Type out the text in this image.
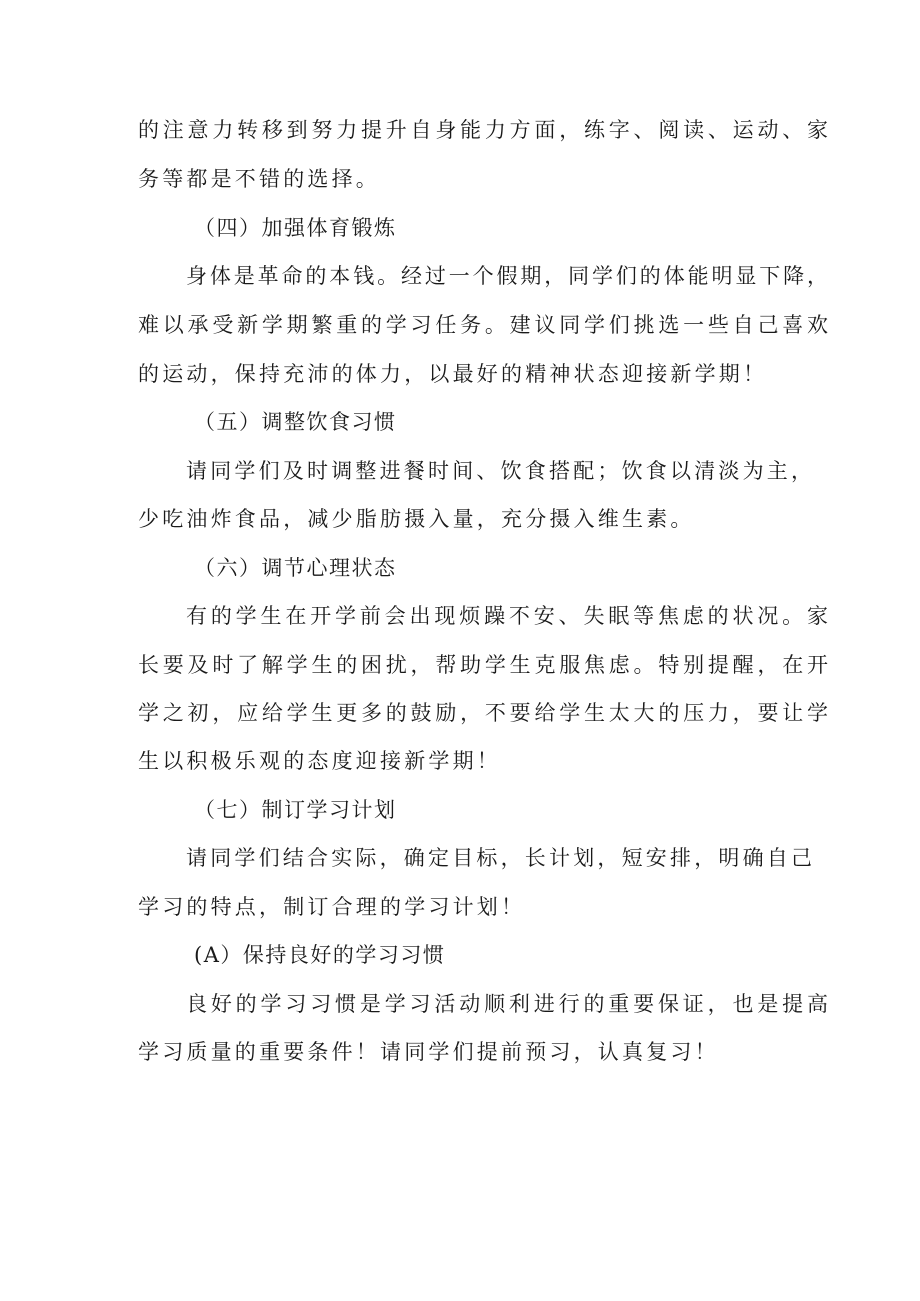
的注意力转移到努力提升自身能力方面，练字、阅读、运动、家
务等都是不错的选择。
（四）加强体育锻炼
身体是革命的本钱。经过一个假期，同学们的体能明显下降，
难以承受新学期繁重的学习任务。建议同学们挑选一些自己喜欢
的运动，保持充沛的体力，以最好的精神状态迎接新学期！
（五）调整饮食习惯
请同学们及时调整进餐时间、饮食搭配；饮食以清淡为主，
少吃油炸食品，减少脂肪摄入量，充分摄入维生素。
（六）调节心理状态
有的学生在开学前会出现烦躁不安、失眠等焦虑的状况。家
长要及时了解学生的困扰，帮助学生克服焦虑。特别提醒，在开
学之初，应给学生更多的鼓励，不要给学生太大的压力，要让学
生以积极乐观的态度迎接新学期！
（七）制订学习计划
请同学们结合实际，确定目标，长计划，短安排，明确自己
学习的特点，制订合理的学习计划！
(A）保持良好的学习习惯
良好的学习习惯是学习活动顺利进行的重要保证，也是提高
学习质量的重要条件！请同学们提前预习，认真复习！
